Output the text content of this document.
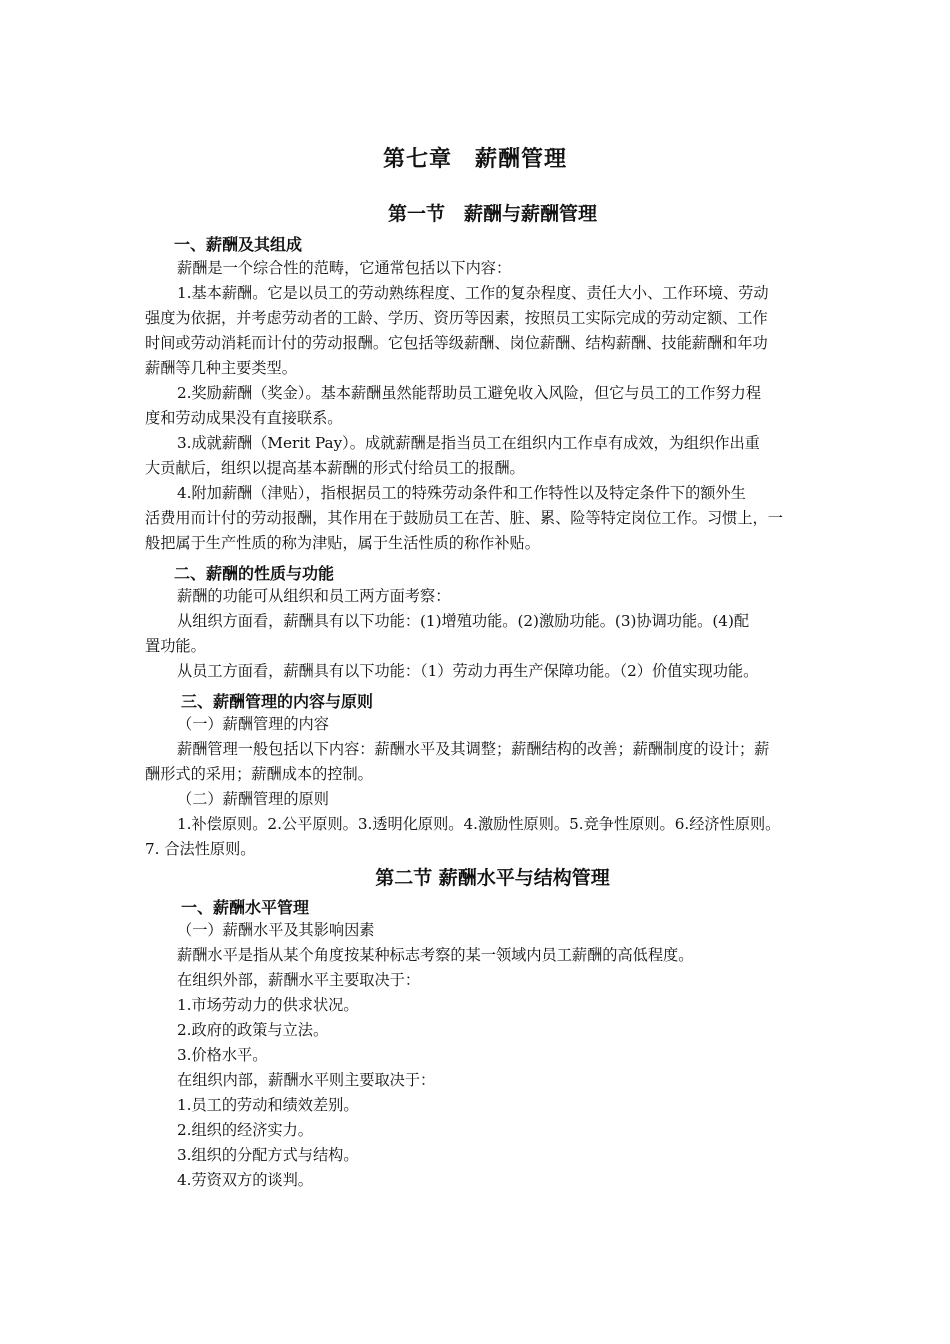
第七章　薪酬管理
第一节　薪酬与薪酬管理
一、薪酬及其组成

薪酬是一个综合性的范畴，它通常包括以下内容：

1.基本薪酬。它是以员工的劳动熟练程度、工作的复杂程度、责任大小、工作环境、劳动

强度为依据，并考虑劳动者的工龄、学历、资历等因素，按照员工实际完成的劳动定额、工作

时间或劳动消耗而计付的劳动报酬。它包括等级薪酬、岗位薪酬、结构薪酬、技能薪酬和年功

薪酬等几种主要类型。

2.奖励薪酬（奖金）。基本薪酬虽然能帮助员工避免收入风险，但它与员工的工作努力程

度和劳动成果没有直接联系。

3.成就薪酬（Merit Pay）。成就薪酬是指当员工在组织内工作卓有成效，为组织作出重

大贡献后，组织以提高基本薪酬的形式付给员工的报酬。

4.附加薪酬（津贴），指根据员工的特殊劳动条件和工作特性以及特定条件下的额外生

活费用而计付的劳动报酬，其作用在于鼓励员工在苦、脏、累、险等特定岗位工作。习惯上，一

般把属于生产性质的称为津贴，属于生活性质的称作补贴。

二、薪酬的性质与功能

薪酬的功能可从组织和员工两方面考察：

从组织方面看，薪酬具有以下功能：(1)增殖功能。(2)激励功能。(3)协调功能。(4)配

置功能。

从员工方面看，薪酬具有以下功能：（1）劳动力再生产保障功能。（2）价值实现功能。

三、薪酬管理的内容与原则

（一）薪酬管理的内容

薪酬管理一般包括以下内容：薪酬水平及其调整；薪酬结构的改善；薪酬制度的设计；薪

酬形式的采用；薪酬成本的控制。

（二）薪酬管理的原则

1.补偿原则。2.公平原则。3.透明化原则。4.激励性原则。5.竞争性原则。6.经济性原则。

7. 合法性原则。

第二节 薪酬水平与结构管理
一、薪酬水平管理

（一）薪酬水平及其影响因素

薪酬水平是指从某个角度按某种标志考察的某一领域内员工薪酬的高低程度。

在组织外部，薪酬水平主要取决于：

1.市场劳动力的供求状况。

2.政府的政策与立法。

3.价格水平。

在组织内部，薪酬水平则主要取决于：

1.员工的劳动和绩效差别。

2.组织的经济实力。

3.组织的分配方式与结构。

4.劳资双方的谈判。
